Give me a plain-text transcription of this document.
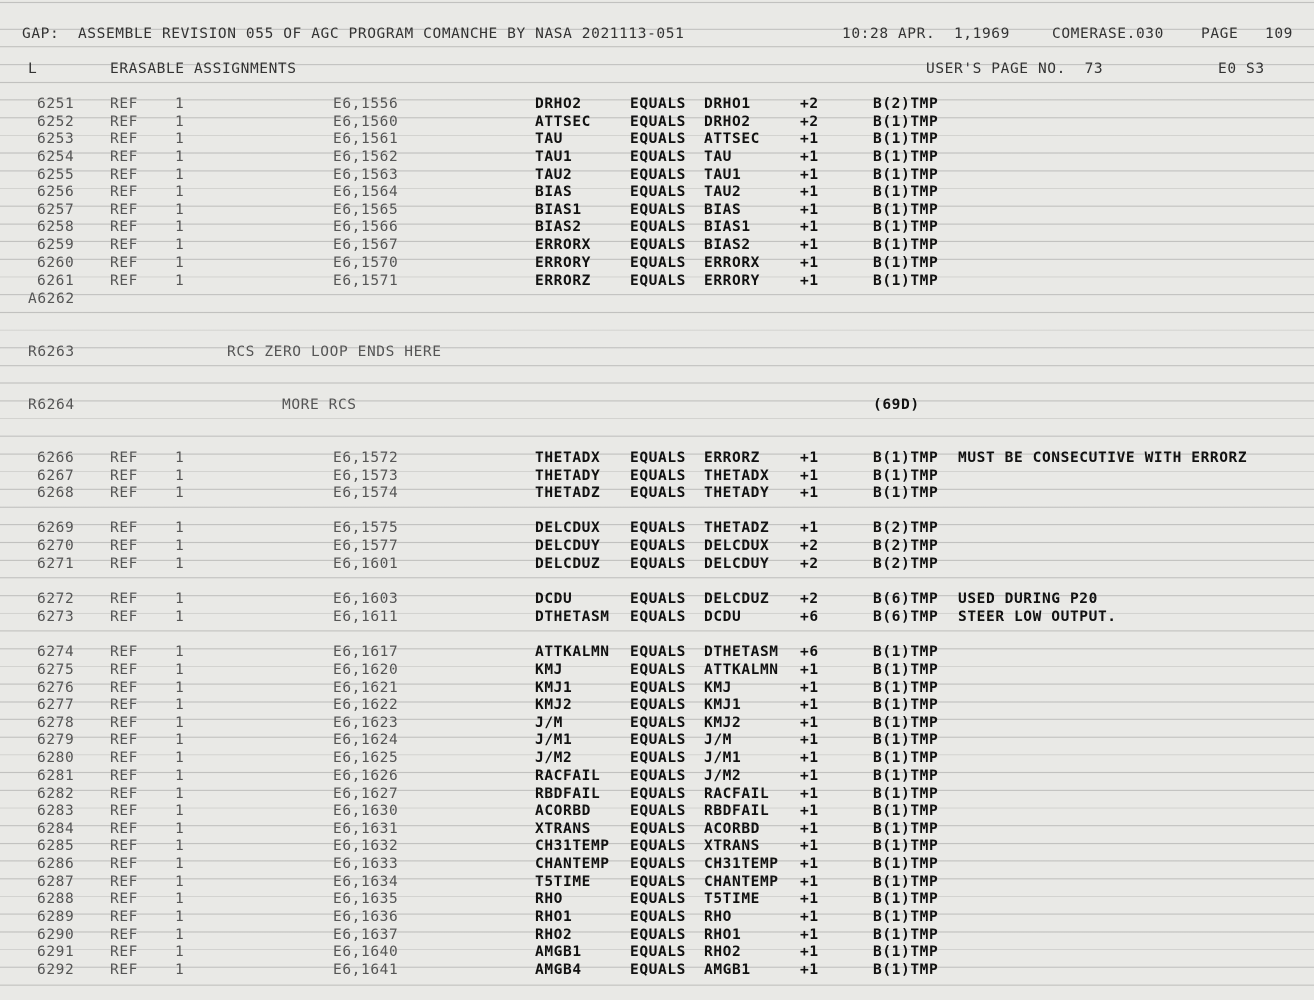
GAP:  ASSEMBLE REVISION 055 OF AGC PROGRAM COMANCHE BY NASA 2021113-051	10:28 APR.  1,1969	COMERASE.030	PAGE 109
L	ERASABLE ASSIGNMENTS	USER'S PAGE NO.  73	E0 S3
A6262
R6263	RCS ZERO LOOP ENDS HERE
R6264	MORE RCS	(69D)
6251 REF	1	E6,1556	DRHO2	EQUALS DRHO1	+2	B(2)TMP
6252 REF	1	E6,1560	ATTSEC	EQUALS DRHO2	+2	B(1)TMP
6253 REF	1	E6,1561	TAU	EQUALS ATTSEC	+1	B(1)TMP
6254 REF	1	E6,1562	TAU1	EQUALS TAU	+1	B(1)TMP
6255 REF	1	E6,1563	TAU2	EQUALS TAU1	+1	B(1)TMP
6256 REF	1	E6,1564	BIAS	EQUALS TAU2	+1	B(1)TMP
6257 REF	1	E6,1565	BIAS1	EQUALS BIAS	+1	B(1)TMP
6258 REF	1	E6,1566	BIAS2	EQUALS BIAS1	+1	B(1)TMP
6259 REF	1	E6,1567	ERRORX	EQUALS BIAS2	+1	B(1)TMP
6260 REF	1	E6,1570	ERRORY	EQUALS ERRORX	+1	B(1)TMP
6261 REF	1	E6,1571	ERRORZ	EQUALS ERRORY	+1	B(1)TMP
6266 REF	1	E6,1572	THETADX EQUALS ERRORZ	+1	B(1)TMP MUST BE CONSECUTIVE WITH ERRORZ
6267 REF	1	E6,1573	THETADY EQUALS THETADX +1	B(1)TMP
6268 REF	1	E6,1574	THETADZ EQUALS THETADY +1	B(1)TMP
6269 REF	1	E6,1575	DELCDUX EQUALS THETADZ +1	B(2)TMP
6270 REF	1	E6,1577	DELCDUY EQUALS DELCDUX +2	B(2)TMP
6271 REF	1	E6,1601	DELCDUZ EQUALS DELCDUY +2	B(2)TMP
6272 REF	1	E6,1603	DCDU	EQUALS DELCDUZ +2	B(6)TMP USED DURING P20
6273 REF	1	E6,1611	DTHETASM EQUALS DCDU	+6	B(6)TMP STEER LOW OUTPUT.
6274 REF	1	E6,1617	ATTKALMN EQUALS DTHETASM +6	B(1)TMP
6275 REF	1	E6,1620	KMJ	EQUALS ATTKALMN +1	B(1)TMP
6276 REF	1	E6,1621	KMJ1	EQUALS KMJ	+1	B(1)TMP
6277 REF	1	E6,1622	KMJ2	EQUALS KMJ1	+1	B(1)TMP
6278 REF	1	E6,1623	J/M	EQUALS KMJ2	+1	B(1)TMP
6279 REF	1	E6,1624	J/M1	EQUALS J/M	+1	B(1)TMP
6280 REF	1	E6,1625	J/M2	EQUALS J/M1	+1	B(1)TMP
6281 REF	1	E6,1626	RACFAIL EQUALS J/M2	+1	B(1)TMP
6282 REF	1	E6,1627	RBDFAIL EQUALS RACFAIL +1	B(1)TMP
6283 REF	1	E6,1630	ACORBD	EQUALS RBDFAIL +1	B(1)TMP
6284 REF	1	E6,1631	XTRANS	EQUALS ACORBD	+1	B(1)TMP
6285 REF	1	E6,1632	CH31TEMP EQUALS XTRANS	+1	B(1)TMP
6286 REF	1	E6,1633	CHANTEMP EQUALS CH31TEMP +1	B(1)TMP
6287 REF	1	E6,1634	T5TIME	EQUALS CHANTEMP +1	B(1)TMP
6288 REF	1	E6,1635	RHO	EQUALS T5TIME	+1	B(1)TMP
6289 REF	1	E6,1636	RHO1	EQUALS RHO	+1	B(1)TMP
6290 REF	1	E6,1637	RHO2	EQUALS RHO1	+1	B(1)TMP
6291 REF	1	E6,1640	AMGB1	EQUALS RHO2	+1	B(1)TMP
6292 REF	1	E6,1641	AMGB4	EQUALS AMGB1	+1	B(1)TMP
